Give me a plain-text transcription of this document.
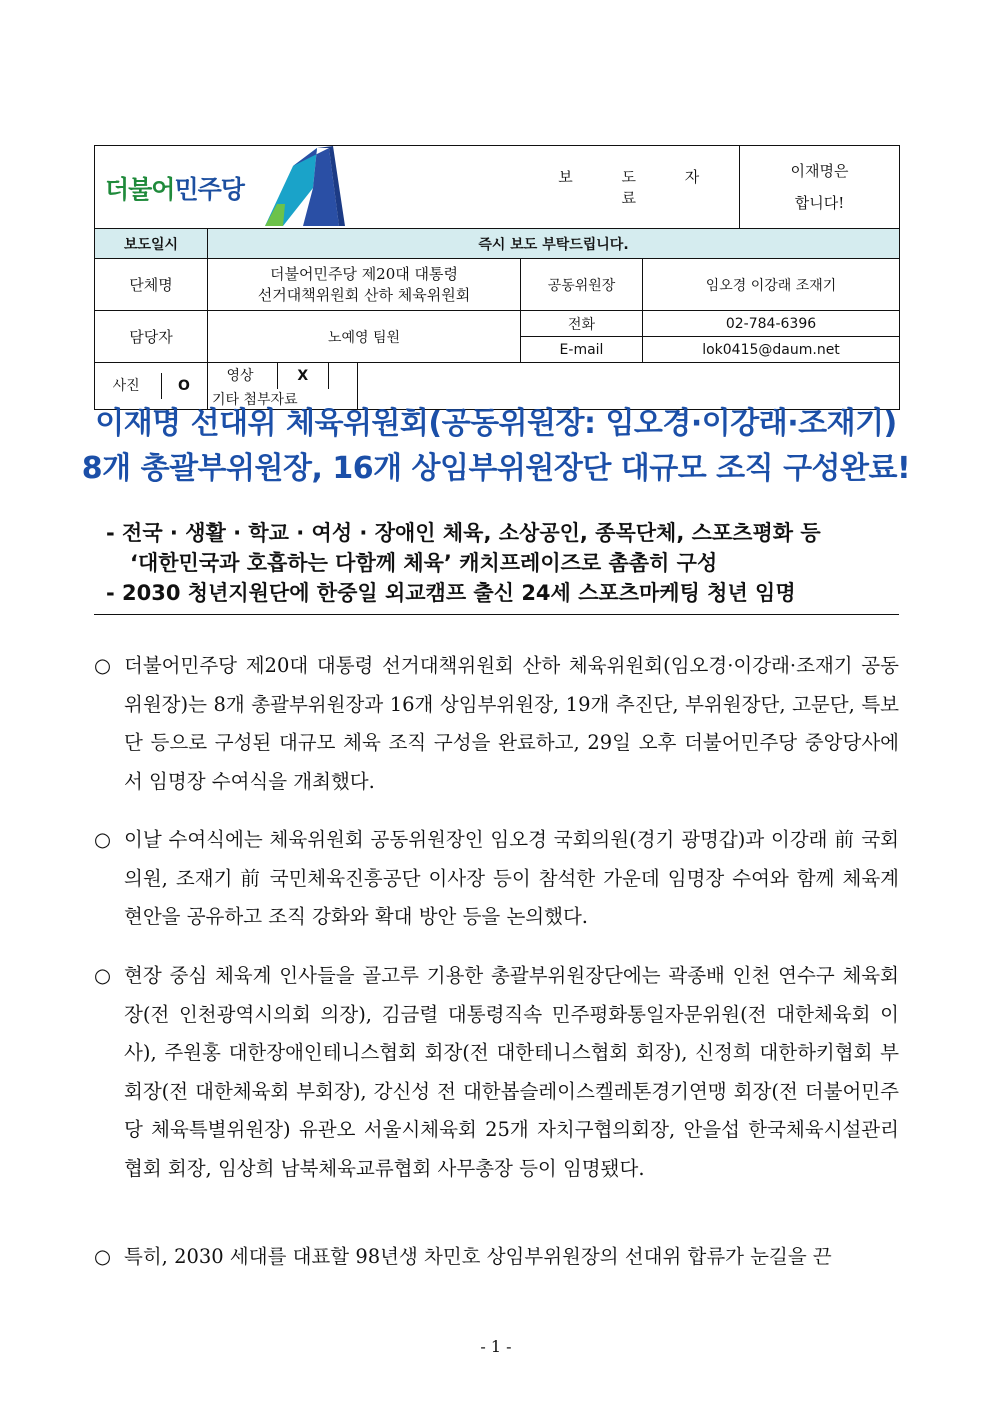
더불어민주당			보 도 자 료		이재명은
합니다!

보도일시	즉시 보도 부탁드립니다.				
단체명	더불어민주당 제20대 대통령
선거대책위원회 산하 체육위원회		공동위원장	임오경 이강래 조재기	
담당자	노예영 팀원		전화	02-784-6396	
			E-mail	lok0415@daum.net	
사진 O	영상 X 기타 첨부자료				
이재명 선대위 체육위원회(공동위원장: 임오경·이강래·조재기)
8개 총괄부위원장, 16개 상임부위원장단 대규모 조직 구성완료!
- 전국 · 생활 · 학교 · 여성 · 장애인 체육, 소상공인, 종목단체, 스포츠평화 등
‘대한민국과 호흡하는 다함께 체육’ 캐치프레이즈로 촘촘히 구성
- 2030 청년지원단에 한중일 외교캠프 출신 24세 스포츠마케팅 청년 임명
○ 더불어민주당 제20대 대통령 선거대책위원회 산하 체육위원회(임오경·이강래·조재기 공동위원장)는 8개 총괄부위원장과 16개 상임부위원장, 19개 추진단, 부위원장단, 고문단, 특보단 등으로 구성된 대규모 체육 조직 구성을 완료하고, 29일 오후 더불어민주당 중앙당사에서 임명장 수여식을 개최했다.
○ 이날 수여식에는 체육위원회 공동위원장인 임오경 국회의원(경기 광명갑)과 이강래 前 국회의원, 조재기 前 국민체육진흥공단 이사장 등이 참석한 가운데 임명장 수여와 함께 체육계 현안을 공유하고 조직 강화와 확대 방안 등을 논의했다.
○ 현장 중심 체육계 인사들을 골고루 기용한 총괄부위원장단에는 곽종배 인천 연수구 체육회장(전 인천광역시의회 의장), 김금렬 대통령직속 민주평화통일자문위원(전 대한체육회 이사), 주원홍 대한장애인테니스협회 회장(전 대한테니스협회 회장), 신정희 대한하키협회 부회장(전 대한체육회 부회장), 강신성 전 대한봅슬레이스켈레톤경기연맹 회장(전 더불어민주당 체육특별위원장) 유관오 서울시체육회 25개 자치구협의회장, 안을섭 한국체육시설관리협회 회장, 임상희 남북체육교류협회 사무총장 등이 임명됐다.
○ 특히, 2030 세대를 대표할 98년생 차민호 상임부위원장의 선대위 합류가 눈길을 끈
- 1 -
